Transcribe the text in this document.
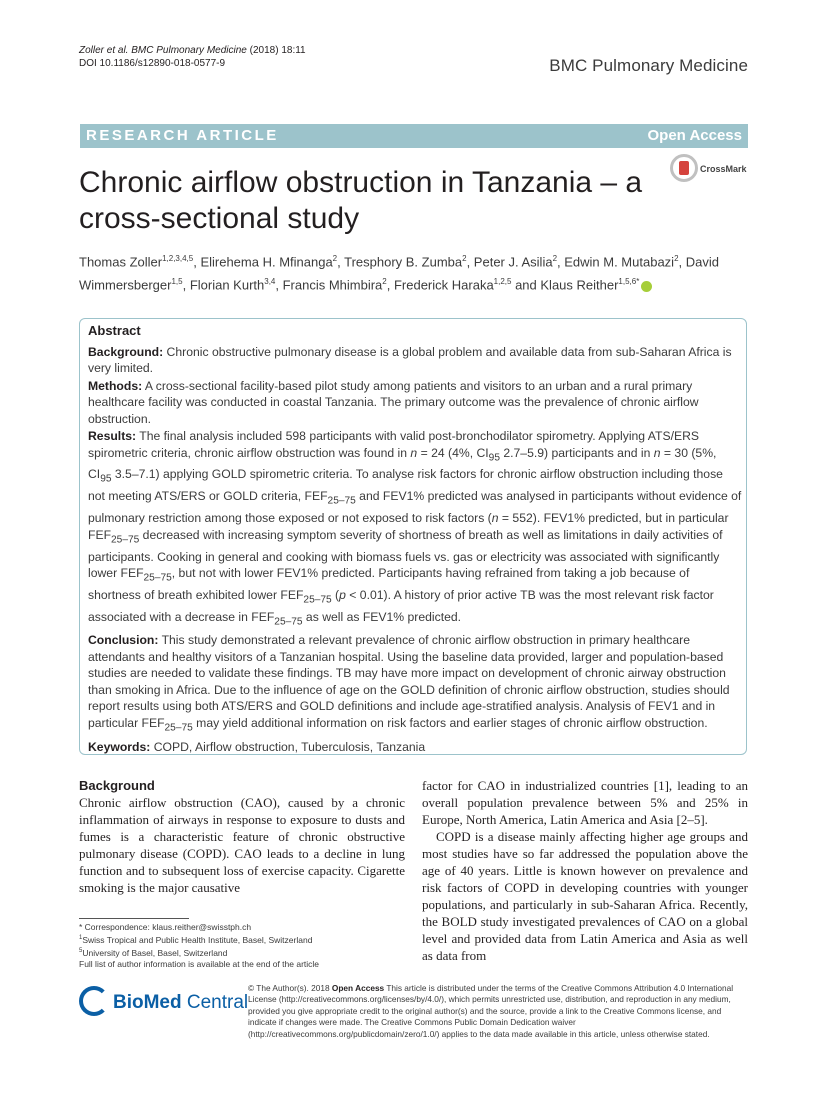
Zoller et al. BMC Pulmonary Medicine (2018) 18:11
DOI 10.1186/s12890-018-0577-9	BMC Pulmonary Medicine
RESEARCH ARTICLE	Open Access
Chronic airflow obstruction in Tanzania – a cross-sectional study
CrossMark
Thomas Zoller$^{1,2,3,4,5}$, Elirehema H. Mfinanga$^2$, Tresphory B. Zumba$^2$, Peter J. Asilia$^2$, Edwin M. Mutabazi$^2$, David Wimmersberger$^{1,5}$, Florian Kurth$^{3,4}$, Francis Mhimbira$^2$, Frederick Haraka$^{1,2,5}$ and Klaus Reither$^{1,5,6*}$
Abstract

Background: Chronic obstructive pulmonary disease is a global problem and available data from sub-Saharan Africa is very limited.

Methods: A cross-sectional facility-based pilot study among patients and visitors to an urban and a rural primary healthcare facility was conducted in coastal Tanzania. The primary outcome was the prevalence of chronic airflow obstruction.

Results: The final analysis included 598 participants with valid post-bronchodilator spirometry. Applying ATS/ERS spirometric criteria, chronic airflow obstruction was found in n = 24 (4%, $CI_{95}$ 2.7–5.9) participants and in n = 30 (5%, $CI_{95}$ 3.5–7.1) applying GOLD spirometric criteria. To analyse risk factors for chronic airflow obstruction including those not meeting ATS/ERS or GOLD criteria, $FEF_{25-75}$ and FEV1% predicted was analysed in participants without evidence of pulmonary restriction among those exposed or not exposed to risk factors (n = 552). FEV1% predicted, but in particular $FEF_{25-75}$ decreased with increasing symptom severity of shortness of breath as well as limitations in daily activities of participants. Cooking in general and cooking with biomass fuels vs. gas or electricity was associated with significantly lower $FEF_{25-75}$, but not with lower FEV1% predicted. Participants having refrained from taking a job because of shortness of breath exhibited lower $FEF_{25-75}$ (p < 0.01). A history of prior active TB was the most relevant risk factor associated with a decrease in $FEF_{25-75}$ as well as FEV1% predicted.

Conclusion: This study demonstrated a relevant prevalence of chronic airflow obstruction in primary healthcare attendants and healthy visitors of a Tanzanian hospital. Using the baseline data provided, larger and population-based studies are needed to validate these findings. TB may have more impact on development of chronic airway obstruction than smoking in Africa. Due to the influence of age on the GOLD definition of chronic airflow obstruction, studies should report results using both ATS/ERS and GOLD definitions and include age-stratified analysis. Analysis of FEV1 and in particular $FEF_{25-75}$ may yield additional information on risk factors and earlier stages of chronic airflow obstruction.

Keywords: COPD, Airflow obstruction, Tuberculosis, Tanzania

Background

Chronic airflow obstruction (CAO), caused by a chronic inflammation of airways in response to exposure to dusts and fumes is a characteristic feature of chronic obstructive pulmonary disease (COPD). CAO leads to a decline in lung function and to subsequent loss of exercise capacity. Cigarette smoking is the major causative

factor for CAO in industrialized countries [1], leading to an overall population prevalence between 5% and 25% in Europe, North America, Latin America and Asia [2–5].

COPD is a disease mainly affecting higher age groups and most studies have so far addressed the population above the age of 40 years. Little is known however on prevalence and risk factors of COPD in developing countries with younger populations, and particularly in sub-Saharan Africa. Recently, the BOLD study investigated prevalences of CAO on a global level and provided data from Latin America and Asia as well as data from

* Correspondence: klaus.reither@swisstph.ch
$^1$Swiss Tropical and Public Health Institute, Basel, Switzerland
$^5$University of Basel, Basel, Switzerland
Full list of author information is available at the end of the article
BioMed Central
© The Author(s). 2018 Open Access This article is distributed under the terms of the Creative Commons Attribution 4.0 International License (http://creativecommons.org/licenses/by/4.0/), which permits unrestricted use, distribution, and reproduction in any medium, provided you give appropriate credit to the original author(s) and the source, provide a link to the Creative Commons license, and indicate if changes were made. The Creative Commons Public Domain Dedication waiver (http://creativecommons.org/publicdomain/zero/1.0/) applies to the data made available in this article, unless otherwise stated.
